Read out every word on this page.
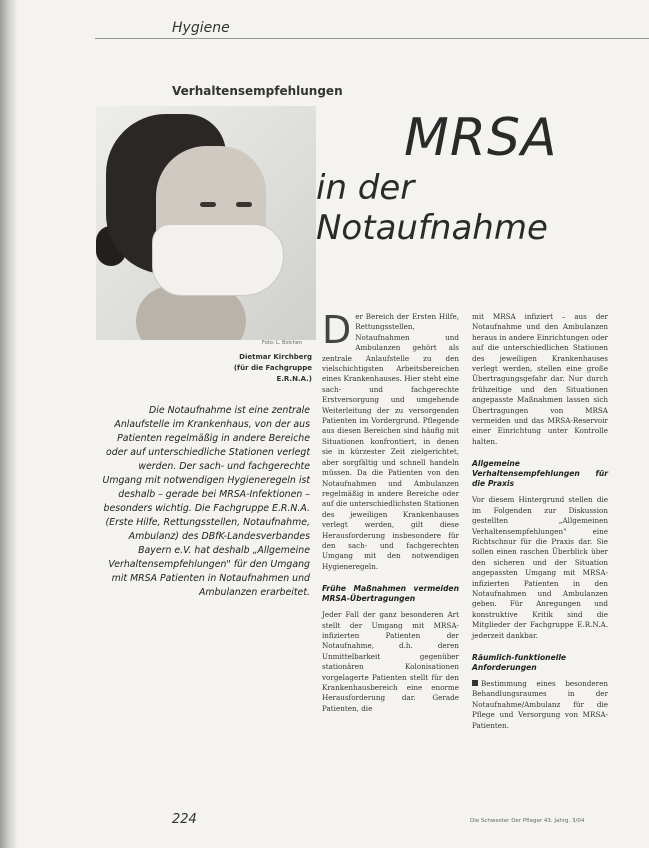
Hygiene
Verhaltensempfehlungen
Foto: L. Bolchen
MRSA
in der Notaufnahme
Dietmar Kirchberg
(für die Fachgruppe E.R.N.A.)
Die Notaufnahme ist eine zentrale Anlaufstelle im Krankenhaus, von der aus Patienten regelmäßig in andere Bereiche oder auf unterschiedliche Stationen verlegt werden. Der sach- und fachgerechte Umgang mit notwendigen Hygieneregeln ist deshalb – gerade bei MRSA-Infektionen – besonders wichtig. Die Fachgruppe E.R.N.A. (Erste Hilfe, Rettungsstellen, Notaufnahme, Ambulanz) des DBfK-Landesverbandes Bayern e.V. hat deshalb „Allgemeine Verhaltensempfehlungen" für den Umgang mit MRSA Patienten in Notaufnahmen und Ambulanzen erarbeitet.
D er Bereich der Ersten Hilfe, Rettungsstellen, Notaufnahmen und Ambulanzen gehört als zentrale Anlaufstelle zu den vielschichtigsten Arbeitsbereichen eines Krankenhauses. Hier steht eine sach- und fachgerechte Erstversorgung und umgehende Weiterleitung der zu versorgenden Patienten im Vordergrund. Pflegende aus diesen Bereichen sind häufig mit Situationen konfrontiert, in denen sie in kürzester Zeit zielgerichtet, aber sorgfältig und schnell handeln müssen. Da die Patienten von den Notaufnahmen und Ambulanzen regelmäßig in andere Bereiche oder auf die unterschiedlichsten Stationen des jeweiligen Krankenhauses verlegt werden, gilt diese Herausforderung insbesondere für den sach- und fachgerechten Umgang mit den notwendigen Hygieneregeln.

Frühe Maßnahmen vermeiden MRSA-Übertragungen

Jeder Fall der ganz besonderen Art stellt der Umgang mit MRSA-infizierten Patienten der Notaufnahme, d.h. deren Unmittelbarkeit gegenüber stationären Kolonisationen vorgelagerte Patienten stellt für den Krankenhausbereich eine enorme Herausforderung dar. Gerade Patienten, die

mit MRSA infiziert – aus der Notaufnahme und den Ambulanzen heraus in andere Einrichtungen oder auf die unterschiedlichen Stationen des jeweiligen Krankenhauses verlegt werden, stellen eine große Übertragungsgefahr dar. Nur durch frühzeitige und den Situationen angepasste Maßnahmen lassen sich Übertragungen von MRSA vermeiden und das MRSA-Reservoir einer Einrichtung unter Kontrolle halten.

Allgemeine Verhaltensempfehlungen für die Praxis

Vor diesem Hintergrund stellen die im Folgenden zur Diskussion gestellten „Allgemeinen Verhaltensempfehlungen" eine Richtschnur für die Praxis dar. Sie sollen einen raschen Überblick über den sicheren und der Situation angepassten Umgang mit MRSA-infizierten Patienten in den Notaufnahmen und Ambulanzen geben. Für Anregungen und konstruktive Kritik sind die Mitglieder der Fachgruppe E.R.N.A. jederzeit dankbar.

Räumlich-funktionelle Anforderungen

Bestimmung eines besonderen Behandlungsraumes in der Notaufnahme/Ambulanz für die Pflege und Versorgung von MRSA-Patienten.

224	Die Schwester Der Pfleger 43. Jahrg. 3/04
